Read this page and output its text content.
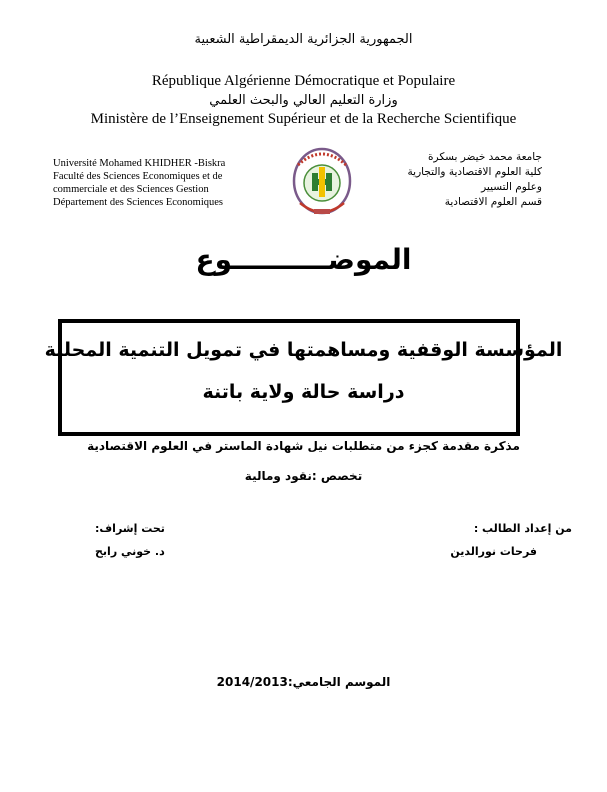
الجمهورية الجزائرية الديمقراطية الشعبية
République Algérienne Démocratique et Populaire
وزارة التعليم العالي والبحث العلمي
Ministère de l’Enseignement Supérieur et de la Recherche Scientifique
Université Mohamed KHIDHER -Biskra
Faculté des Sciences Economiques et de
commerciale et des Sciences Gestion
Département des Sciences Economiques
جامعة محمد خيضر بسكرة
كلية العلوم الاقتصادية والتجارية
وعلوم التسيير
قسم العلوم الاقتصادية
الموضــــــــــوع
المؤسسة الوقفية ومساهمتها في تمويل التنمية المحلية
دراسة حالة ولاية باتنة
مذكرة مقدمة كجزء من متطلبات نيل شهادة الماستر في العلوم الاقتصادية
تخصص :نقود ومالية
تحت إشراف:
د. خوني رابح
من إعداد الطالب :
فرحات نورالدين
الموسم الجامعي:2014/2013
